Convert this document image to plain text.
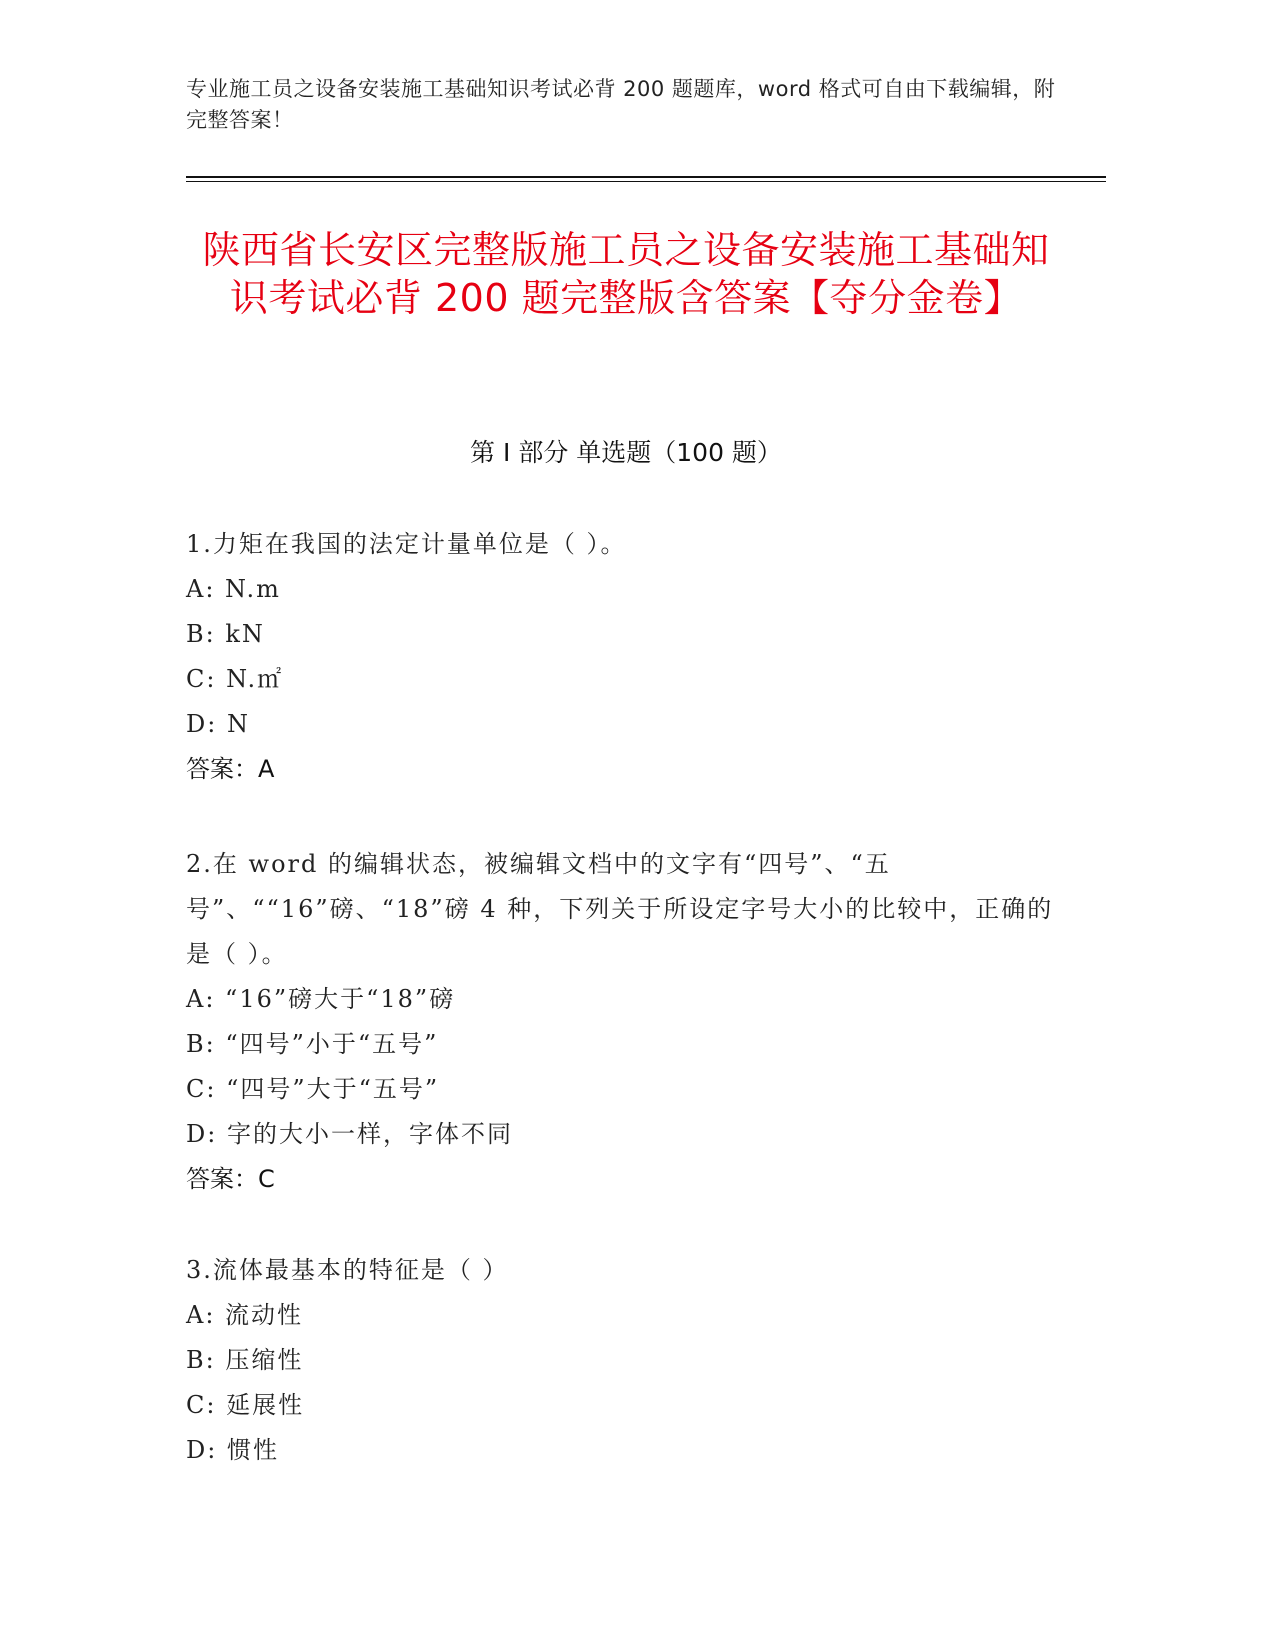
专业施工员之设备安装施工基础知识考试必背 200 题题库，word 格式可自由下载编辑，附完整答案！
陕西省长安区完整版施工员之设备安装施工基础知识考试必背 200 题完整版含答案【夺分金卷】
第 I 部分 单选题（100 题）

1.力矩在我国的法定计量单位是（ ）。

A: N.m

B: kN

C: N.㎡

D: N

答案：A

2.在 word 的编辑状态，被编辑文档中的文字有“四号”、“五号”、““16”磅、“18”磅 4 种，下列关于所设定字号大小的比较中，正确的是（ ）。

A: “16”磅大于“18”磅

B: “四号”小于“五号”

C: “四号”大于“五号”

D: 字的大小一样，字体不同

答案：C

3.流体最基本的特征是（ ）

A: 流动性

B: 压缩性

C: 延展性

D: 惯性
